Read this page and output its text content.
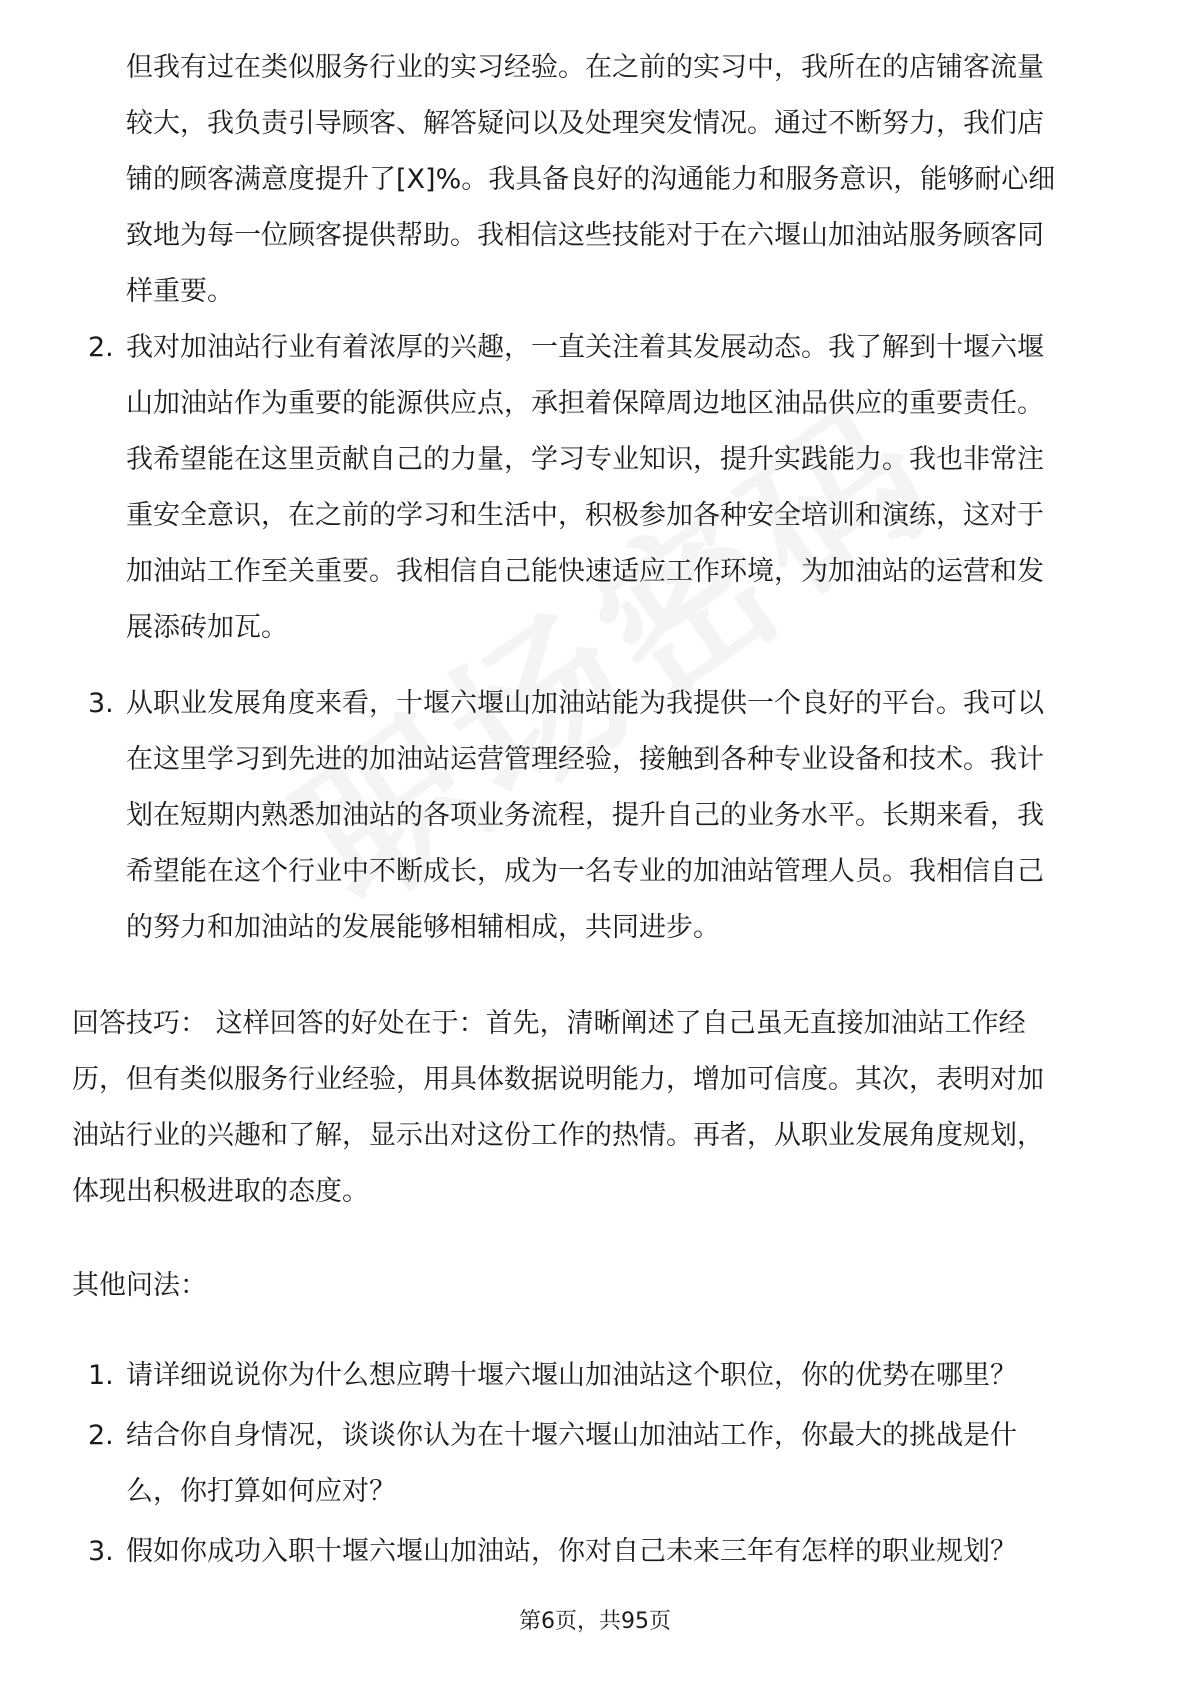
但我有过在类似服务行业的实习经验。在之前的实习中，我所在的店铺客流量
较大，我负责引导顾客、解答疑问以及处理突发情况。通过不断努力，我们店
铺的顾客满意度提升了[X]%。我具备良好的沟通能力和服务意识，能够耐心细
致地为每一位顾客提供帮助。我相信这些技能对于在六堰山加油站服务顾客同
样重要。
2. 我对加油站行业有着浓厚的兴趣，一直关注着其发展动态。我了解到十堰六堰
山加油站作为重要的能源供应点，承担着保障周边地区油品供应的重要责任。
我希望能在这里贡献自己的力量，学习专业知识，提升实践能力。我也非常注
重安全意识，在之前的学习和生活中，积极参加各种安全培训和演练，这对于
加油站工作至关重要。我相信自己能快速适应工作环境，为加油站的运营和发
展添砖加瓦。
3. 从职业发展角度来看，十堰六堰山加油站能为我提供一个良好的平台。我可以
在这里学习到先进的加油站运营管理经验，接触到各种专业设备和技术。我计
划在短期内熟悉加油站的各项业务流程，提升自己的业务水平。长期来看，我
希望能在这个行业中不断成长，成为一名专业的加油站管理人员。我相信自己
的努力和加油站的发展能够相辅相成，共同进步。
回答技巧： 这样回答的好处在于：首先，清晰阐述了自己虽无直接加油站工作经
历，但有类似服务行业经验，用具体数据说明能力，增加可信度。其次，表明对加
油站行业的兴趣和了解，显示出对这份工作的热情。再者，从职业发展角度规划，
体现出积极进取的态度。
其他问法：
1. 请详细说说你为什么想应聘十堰六堰山加油站这个职位，你的优势在哪里？
2. 结合你自身情况，谈谈你认为在十堰六堰山加油站工作，你最大的挑战是什
么，你打算如何应对？
3. 假如你成功入职十堰六堰山加油站，你对自己未来三年有怎样的职业规划？
第6页，共95页
